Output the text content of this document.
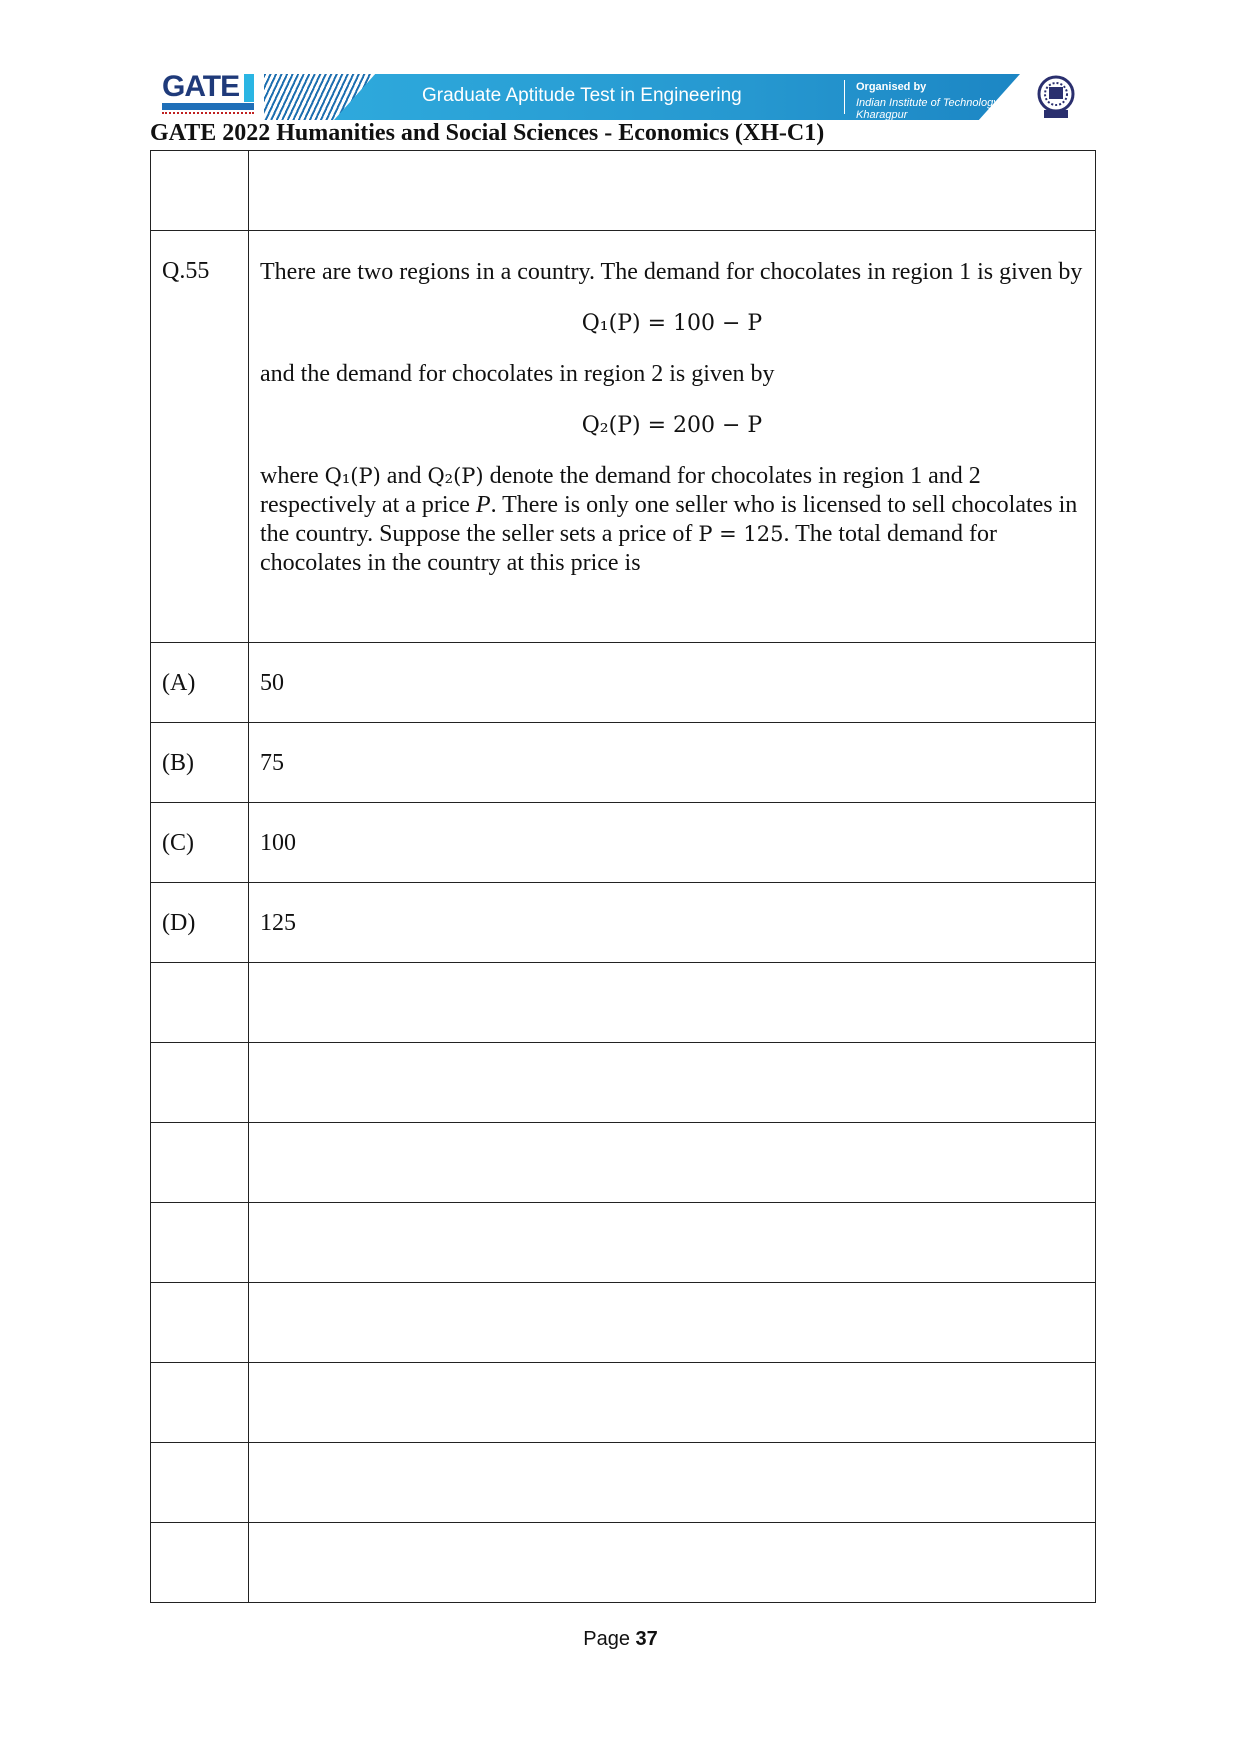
GATE	Graduate Aptitude Test in Engineering	Organised by
Indian Institute of Technology Kharagpur
GATE 2022 Humanities and Social Sciences - Economics (XH-C1)

Q.55	There are two regions in a country. The demand for chocolates in region 1 is given by

Q₁(P) = 100 − P

and the demand for chocolates in region 2 is given by

Q₂(P) = 200 − P

where Q₁(P) and Q₂(P) denote the demand for chocolates in region 1 and 2 respectively at a price P. There is only one seller who is licensed to sell chocolates in the country. Suppose the seller sets a price of P = 125. The total demand for chocolates in the country at this price is

(A)	50
(B)	75
(C)	100
(D)	125

Page 37
